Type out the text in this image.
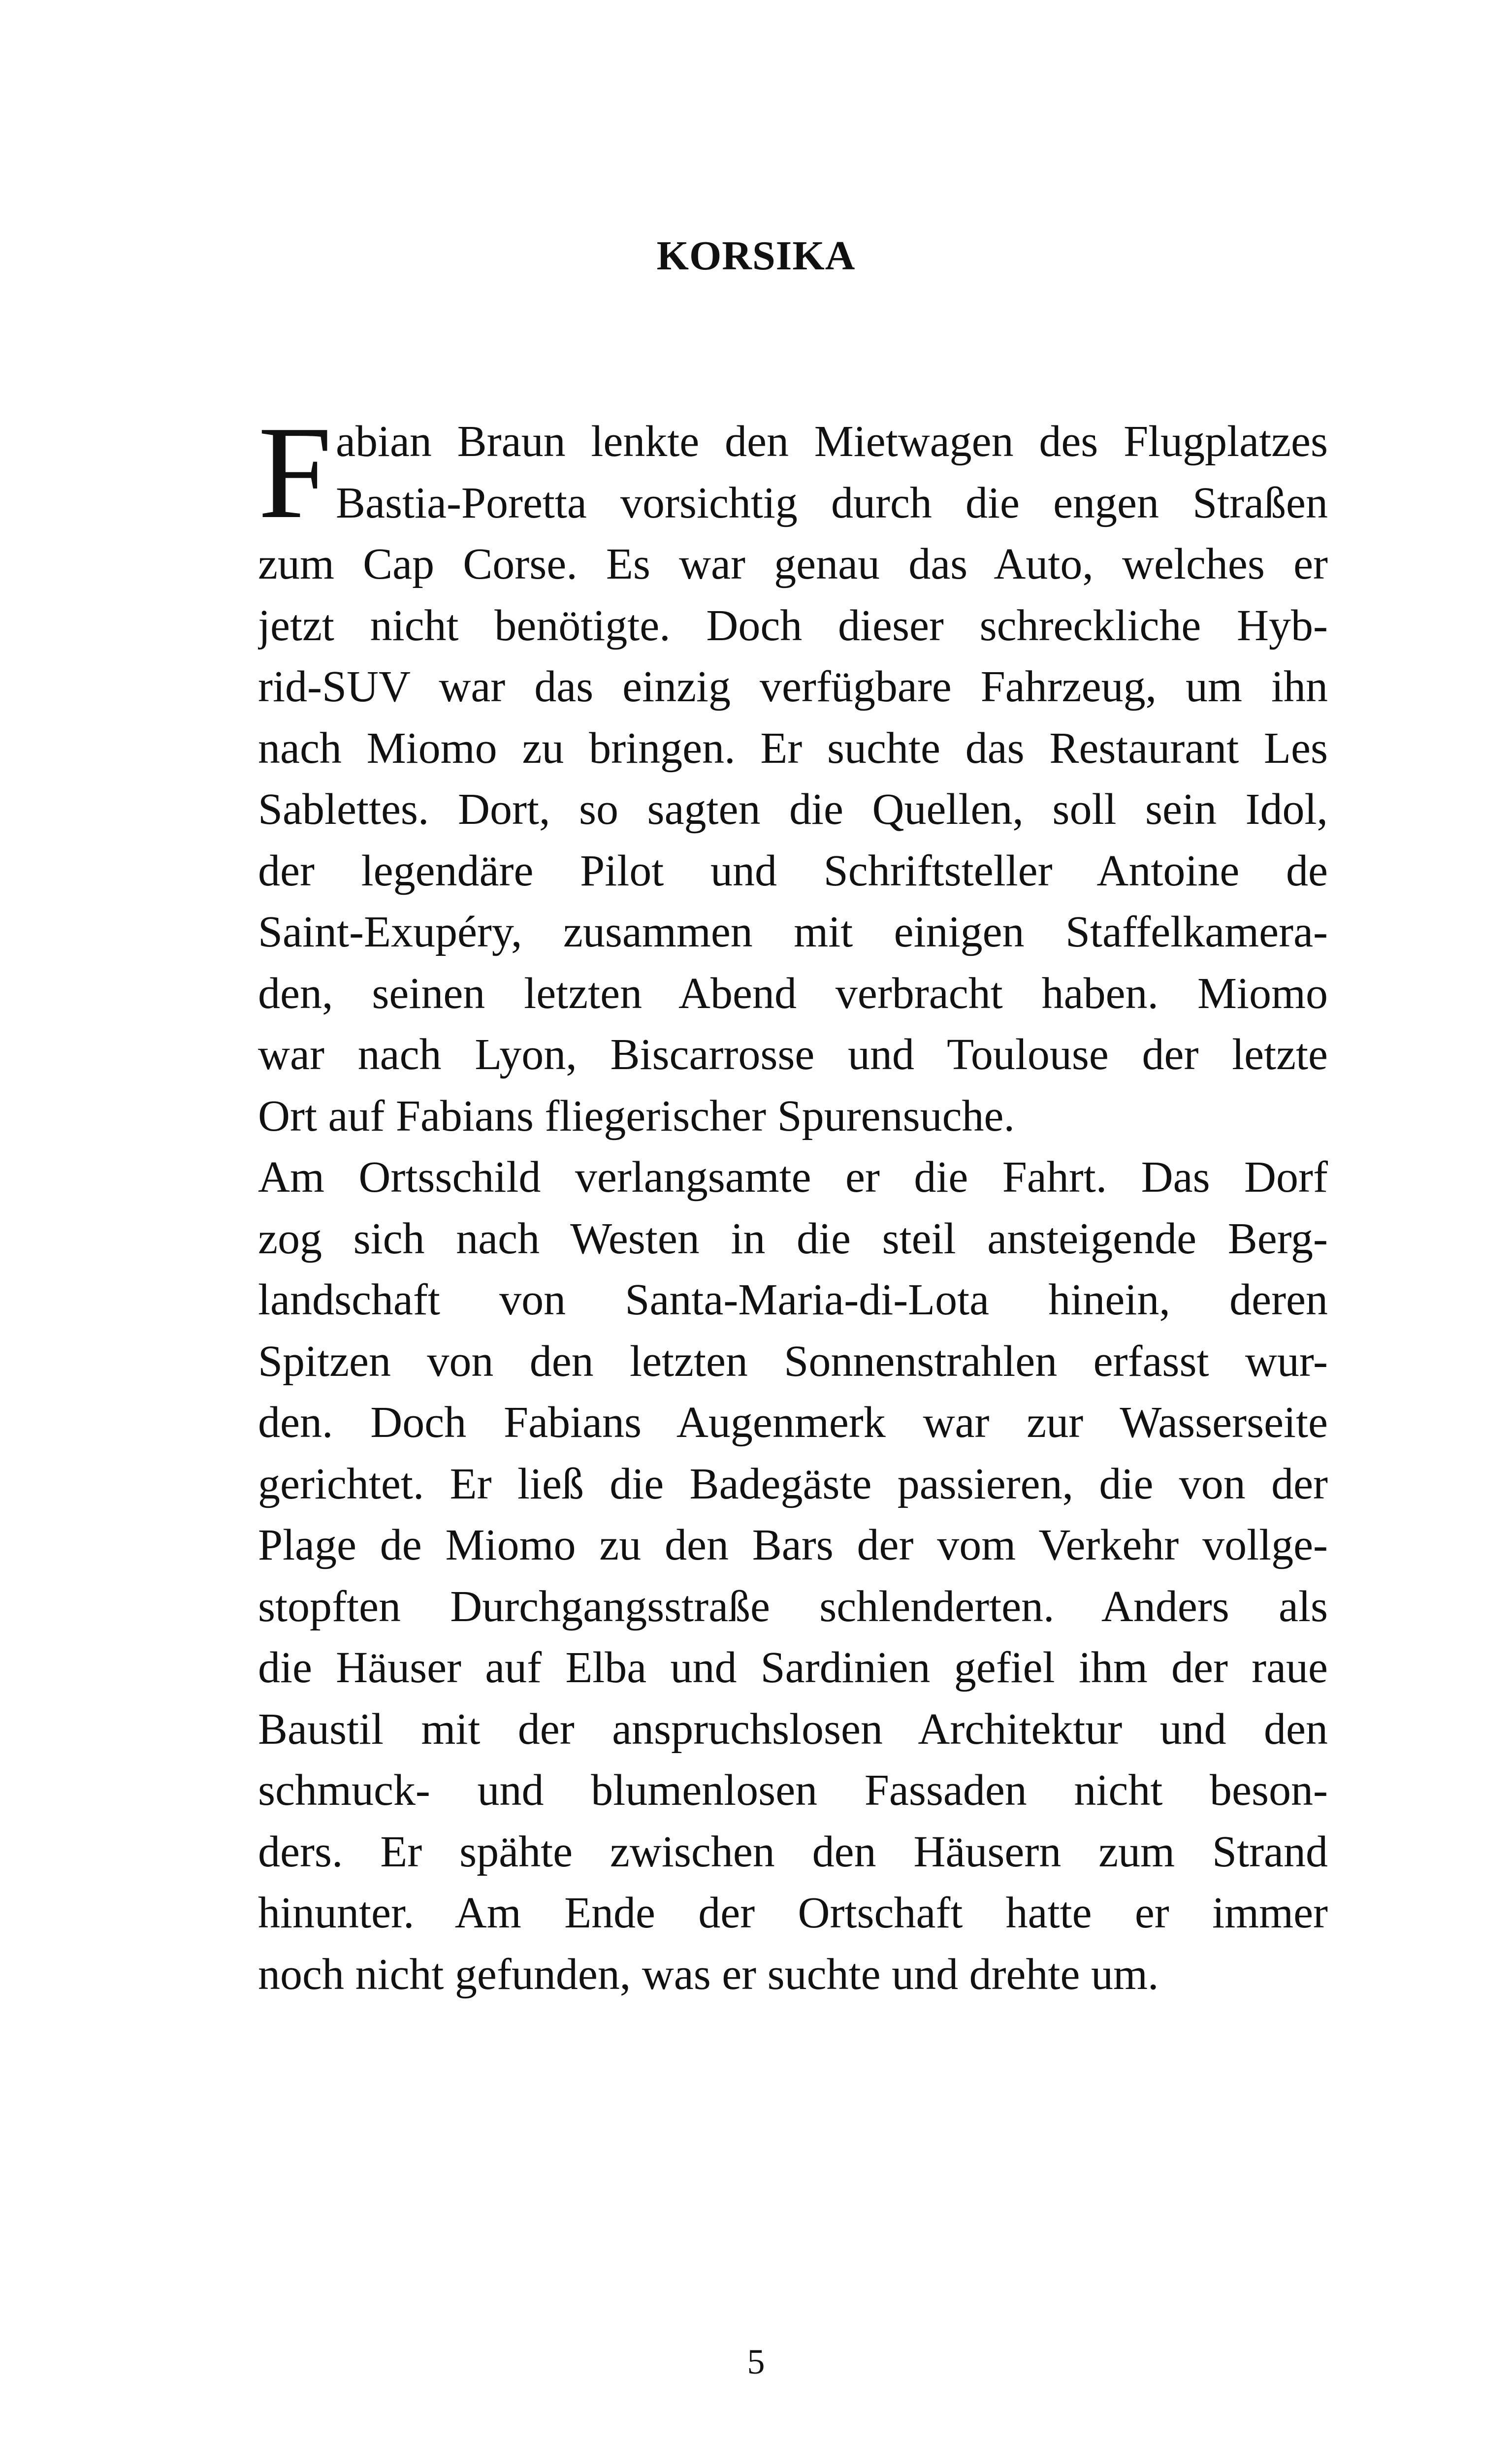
KORSIKA
F abian Braun lenkte den Mietwagen des Flugplatzes
Bastia-Poretta vorsichtig durch die engen Straßen
zum Cap Corse. Es war genau das Auto, welches er
jetzt nicht benötigte. Doch dieser schreckliche Hyb-
rid-SUV war das einzig verfügbare Fahrzeug, um ihn
nach Miomo zu bringen. Er suchte das Restaurant Les
Sablettes. Dort, so sagten die Quellen, soll sein Idol,
der legendäre Pilot und Schriftsteller Antoine de
Saint-Exupéry, zusammen mit einigen Staffelkamera-
den, seinen letzten Abend verbracht haben. Miomo
war nach Lyon, Biscarrosse und Toulouse der letzte
Ort auf Fabians fliegerischer Spurensuche.
Am Ortsschild verlangsamte er die Fahrt. Das Dorf
zog sich nach Westen in die steil ansteigende Berg-
landschaft von Santa-Maria-di-Lota hinein, deren
Spitzen von den letzten Sonnenstrahlen erfasst wur-
den. Doch Fabians Augenmerk war zur Wasserseite
gerichtet. Er ließ die Badegäste passieren, die von der
Plage de Miomo zu den Bars der vom Verkehr vollge-
stopften Durchgangsstraße schlenderten. Anders als
die Häuser auf Elba und Sardinien gefiel ihm der raue
Baustil mit der anspruchslosen Architektur und den
schmuck- und blumenlosen Fassaden nicht beson-
ders. Er spähte zwischen den Häusern zum Strand
hinunter. Am Ende der Ortschaft hatte er immer
noch nicht gefunden, was er suchte und drehte um.
5
